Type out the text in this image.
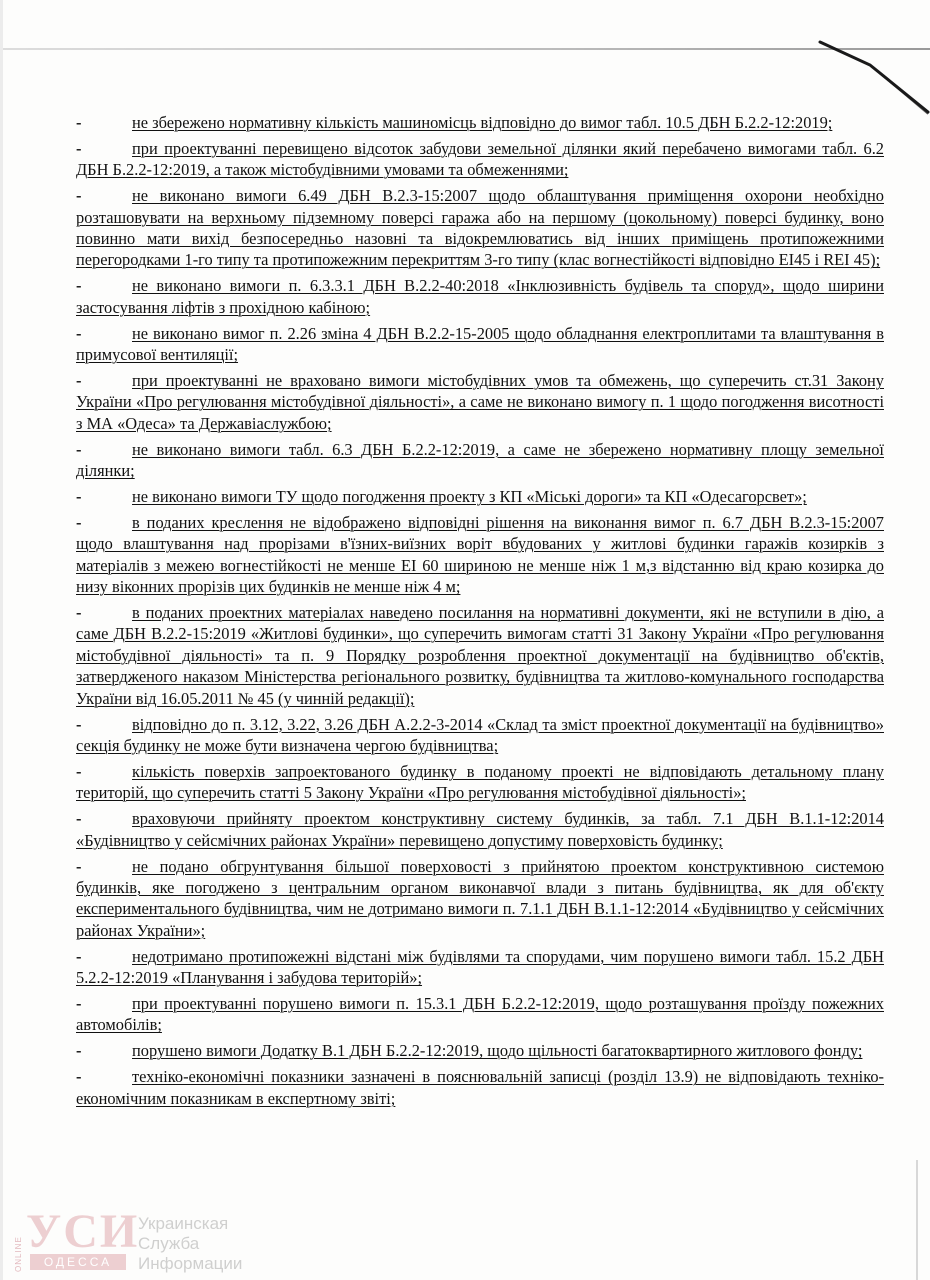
-	не збережено нормативну кількість машиномісць відповідно до вимог табл. 10.5 ДБН Б.2.2-12:2019;
-	при проектуванні перевищено відсоток забудови земельної ділянки який перебачено вимогами табл. 6.2 ДБН Б.2.2-12:2019, а також містобудівними умовами та обмеженнями;
-	не виконано вимоги 6.49 ДБН В.2.3-15:2007 щодо облаштування приміщення охорони необхідно розташовувати на верхньому підземному поверсі гаража або на першому (цокольному) поверсі будинку, воно повинно мати вихід безпосередньо назовні та відокремлюватись від інших приміщень протипожежними перегородками 1-го типу та протипожежним перекриттям 3-го типу (клас вогнестійкості відповідно ЕІ45 і REI 45);
-	не виконано вимоги п. 6.3.3.1 ДБН В.2.2-40:2018 «Інклюзивність будівель та споруд», щодо ширини застосування ліфтів з прохідною кабіною;
-	не виконано вимог п. 2.26 зміна 4 ДБН В.2.2-15-2005 щодо обладнання електроплитами та влаштування в примусової вентиляції;
-	при проектуванні не враховано вимоги містобудівних умов та обмежень, що суперечить ст.31 Закону України «Про регулювання містобудівної діяльності», а саме не виконано вимогу п. 1 щодо погодження висотності з МА «Одеса» та Державіаслужбою;
-	не виконано вимоги табл. 6.3 ДБН Б.2.2-12:2019, а саме не збережено нормативну площу земельної ділянки;
-	не виконано вимоги ТУ щодо погодження проекту з КП «Міські дороги» та КП «Одесагорсвет»;
-	в поданих креслення не відображено відповідні рішення на виконання вимог п. 6.7 ДБН В.2.3-15:2007 щодо влаштування над прорізами в'їзних-виїзних воріт вбудованих у житлові будинки гаражів козирків з матеріалів з межею вогнестійкості не менше ЕІ 60 шириною не менше ніж 1 м,з відстанню від краю козирка до низу віконних прорізів цих будинків не менше ніж 4 м;
-	в поданих проектних матеріалах наведено посилання на нормативні документи, які не вступили в дію, а саме ДБН В.2.2-15:2019 «Житлові будинки», що суперечить вимогам статті 31 Закону України «Про регулювання містобудівної діяльності» та п. 9 Порядку розроблення проектної документації на будівництво об'єктів, затвердженого наказом Міністерства регіонального розвитку, будівництва та житлово-комунального господарства України від 16.05.2011 № 45 (у чинній редакції);
-	відповідно до п. 3.12, 3.22, 3.26 ДБН А.2.2-3-2014 «Склад та зміст проектної документації на будівництво» секція будинку не може бути визначена чергою будівництва;
-	кількість поверхів запроектованого будинку в поданому проекті не відповідають детальному плану територій, що суперечить статті 5 Закону України «Про регулювання містобудівної діяльності»;
-	враховуючи прийняту проектом конструктивну систему будинків, за табл. 7.1 ДБН В.1.1-12:2014 «Будівництво у сейсмічних районах України» перевищено допустиму поверховість будинку;
-	не подано обгрунтування більшої поверховості з прийнятою проектом конструктивною системою будинків, яке погоджено з центральним органом виконавчої влади з питань будівництва, як для об'єкту експериментального будівництва, чим не дотримано вимоги п. 7.1.1 ДБН В.1.1-12:2014 «Будівництво у сейсмічних районах України»;
-	недотримано протипожежні відстані між будівлями та спорудами, чим порушено вимоги табл. 15.2 ДБН 5.2.2-12:2019 «Планування і забудова територій»;
-	при проектуванні порушено вимоги п. 15.3.1 ДБН Б.2.2-12:2019, щодо розташування проїзду пожежних автомобілів;
-	порушено вимоги Додатку В.1 ДБН Б.2.2-12:2019, щодо щільності багатоквартирного житлового фонду;
-	техніко-економічні показники зазначені в пояснювальній записці (розділ 13.9) не відповідають техніко-економічним показникам в експертному звіті;
ONLINE УСИ
ОДЕССА
Украинская
Служба
Информации
